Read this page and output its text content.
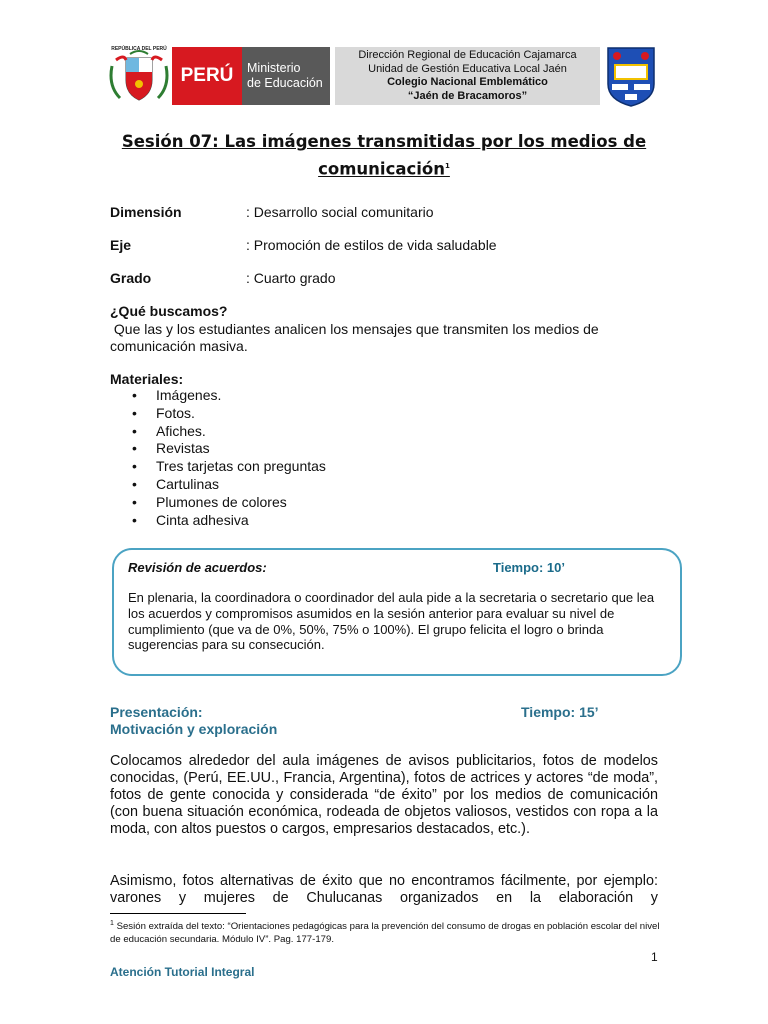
REPÚBLICA DEL PERÚ
PERÚ Ministerio
de Educación
Dirección Regional de Educación Cajamarca
Unidad de Gestión Educativa Local Jaén
Colegio Nacional Emblemático
“Jaén de Bracamoros”
Sesión 07: Las imágenes transmitidas por los medios de
comunicación$^1$
Dimensión	: Desarrollo social comunitario
Eje	: Promoción de estilos de vida saludable
Grado	: Cuarto grado
¿Qué buscamos?
Que las y los estudiantes analicen los mensajes que transmiten los medios de comunicación masiva.
Materiales:
• Imágenes.
• Fotos.
• Afiches.
• Revistas
• Tres tarjetas con preguntas
• Cartulinas
• Plumones de colores
• Cinta adhesiva
Revisión de acuerdos:	Tiempo: 10’
En plenaria, la coordinadora o coordinador del aula pide a la secretaria o secretario que lea los acuerdos y compromisos asumidos en la sesión anterior para evaluar su nivel de cumplimiento (que va de 0%, 50%, 75% o 100%). El grupo felicita el logro o brinda sugerencias para su consecución.
Presentación:	Tiempo: 15’
Motivación y exploración
Colocamos alrededor del aula imágenes de avisos publicitarios, fotos de modelos conocidas, (Perú, EE.UU., Francia, Argentina), fotos de actrices y actores “de moda”, fotos de gente conocida y considerada “de éxito” por los medios de comunicación (con buena situación económica, rodeada de objetos valiosos, vestidos con ropa a la moda, con altos puestos o cargos, empresarios destacados, etc.).
Asimismo, fotos alternativas de éxito que no encontramos fácilmente, por ejemplo: varones y mujeres de Chulucanas organizados en la elaboración y
$^1$ Sesión extraída del texto: “Orientaciones pedagógicas para la prevención del consumo de drogas en población escolar del nivel de educación secundaria. Módulo IV”. Pag. 177-179.
1
Atención Tutorial Integral
